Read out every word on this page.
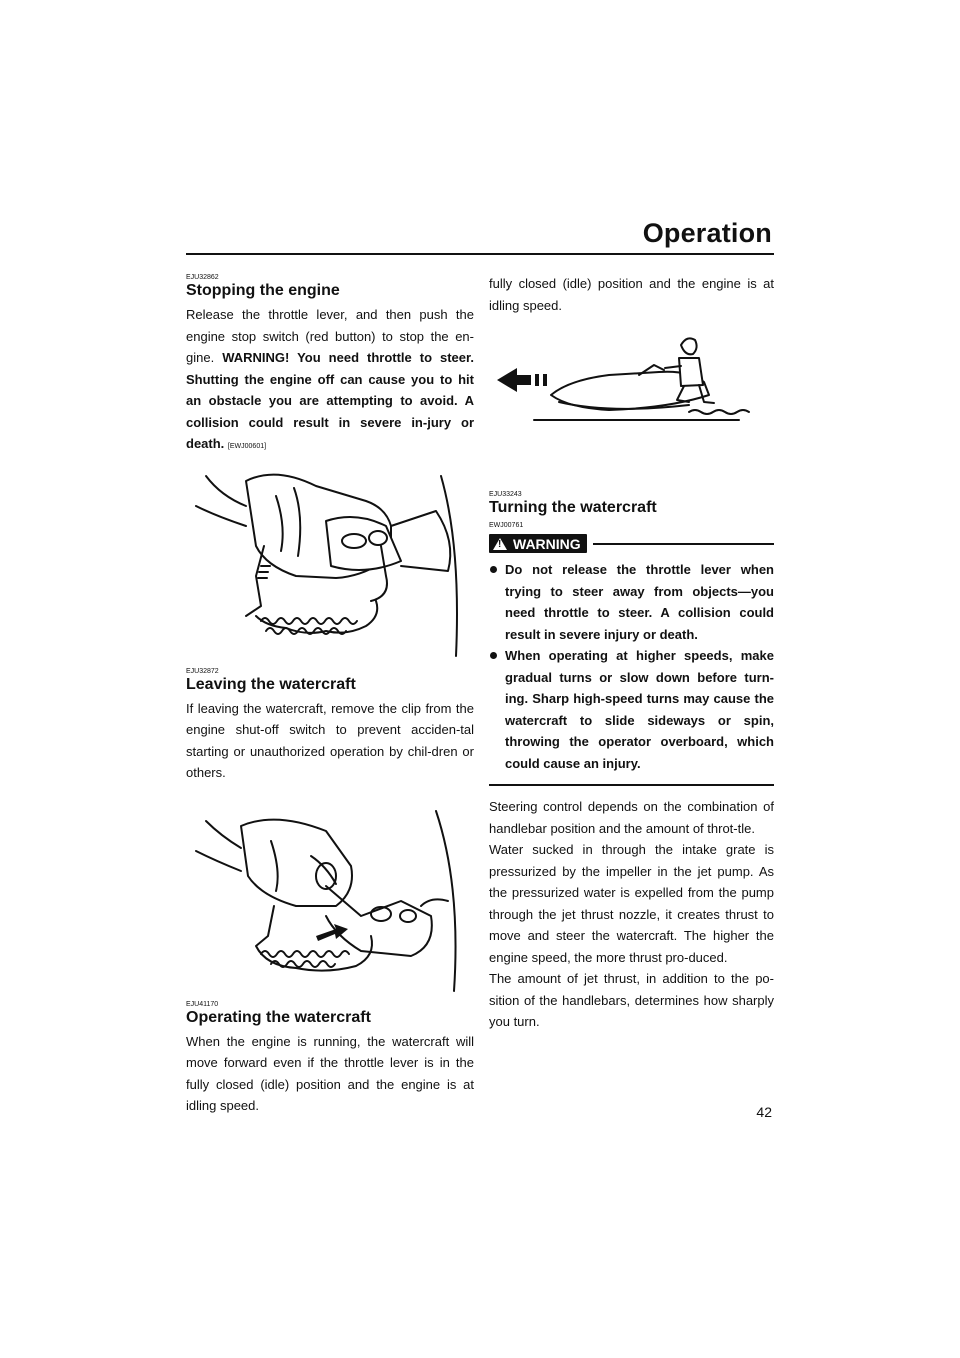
Operation
EJU32862
Stopping the engine

Release the throttle lever, and then push the engine stop switch (red button) to stop the en-gine. WARNING! You need throttle to steer. Shutting the engine off can cause you to hit an obstacle you are attempting to avoid. A collision could result in severe in-jury or death. [EWJ00601]

EJU32872
Leaving the watercraft

If leaving the watercraft, remove the clip from the engine shut-off switch to prevent acciden-tal starting or unauthorized operation by chil-dren or others.

EJU41170
Operating the watercraft

When the engine is running, the watercraft will move forward even if the throttle lever is in the fully closed (idle) position and the engine is at idling speed.

fully closed (idle) position and the engine is at idling speed.

EJU33243
Turning the watercraft
EWJ00761
! WARNING
Do not release the throttle lever when trying to steer away from objects—you need throttle to steer. A collision could result in severe injury or death.
When operating at higher speeds, make gradual turns or slow down before turn-ing. Sharp high-speed turns may cause the watercraft to slide sideways or spin, throwing the operator overboard, which could cause an injury.

Steering control depends on the combination of handlebar position and the amount of throt-tle.

Water sucked in through the intake grate is pressurized by the impeller in the jet pump. As the pressurized water is expelled from the pump through the jet thrust nozzle, it creates thrust to move and steer the watercraft. The higher the engine speed, the more thrust pro-duced.

The amount of jet thrust, in addition to the po-sition of the handlebars, determines how sharply you turn.

42
